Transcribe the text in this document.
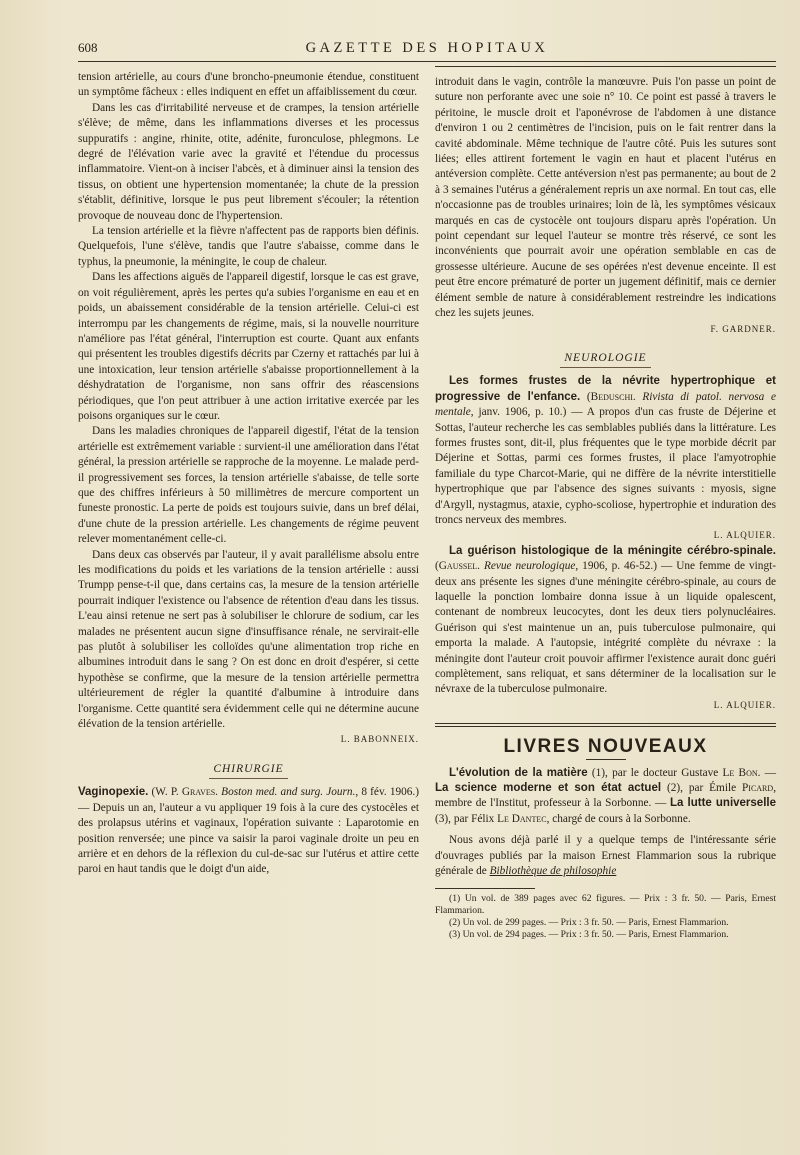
608	GAZETTE DES HOPITAUX

tension artérielle, au cours d'une broncho-pneumonie étendue, constituent un symptôme fâcheux : elles indiquent en effet un affaiblissement du cœur.

Dans les cas d'irritabilité nerveuse et de crampes, la tension artérielle s'élève; de même, dans les inflammations diverses et les processus suppuratifs : angine, rhinite, otite, adénite, furonculose, phlegmons. Le degré de l'élévation varie avec la gravité et l'étendue du processus inflammatoire. Vient-on à inciser l'abcès, et à diminuer ainsi la tension des tissus, on obtient une hypertension momentanée; la chute de la pression s'établit, définitive, lorsque le pus peut librement s'écouler; la rétention provoque de nouveau donc de l'hypertension.

La tension artérielle et la fièvre n'affectent pas de rapports bien définis. Quelquefois, l'une s'élève, tandis que l'autre s'abaisse, comme dans le typhus, la pneumonie, la méningite, le coup de chaleur.

Dans les affections aiguës de l'appareil digestif, lorsque le cas est grave, on voit régulièrement, après les pertes qu'a subies l'organisme en eau et en poids, un abaissement considérable de la tension artérielle. Celui-ci est interrompu par les changements de régime, mais, si la nouvelle nourriture n'améliore pas l'état général, l'interruption est courte. Quant aux enfants qui présentent les troubles digestifs décrits par Czerny et rattachés par lui à une intoxication, leur tension artérielle s'abaisse proportionnellement à la déshydratation de l'organisme, non sans offrir des réascensions périodiques, que l'on peut attribuer à une action irritative exercée par les poisons organiques sur le cœur.

Dans les maladies chroniques de l'appareil digestif, l'état de la tension artérielle est extrêmement variable : survient-il une amélioration dans l'état général, la pression artérielle se rapproche de la moyenne. Le malade perd-il progressivement ses forces, la tension artérielle s'abaisse, de telle sorte que des chiffres inférieurs à 50 millimètres de mercure comportent un funeste pronostic. La perte de poids est toujours suivie, dans un bref délai, d'une chute de la pression artérielle. Les changements de régime peuvent relever momentanément celle-ci.

Dans deux cas observés par l'auteur, il y avait parallélisme absolu entre les modifications du poids et les variations de la tension artérielle : aussi Trumpp pense-t-il que, dans certains cas, la mesure de la tension artérielle pourrait indiquer l'existence ou l'absence de rétention d'eau dans les tissus. L'eau ainsi retenue ne sert pas à solubiliser le chlorure de sodium, car les malades ne présentent aucun signe d'insuffisance rénale, ne servirait-elle pas plutôt à solubiliser les colloïdes qu'une alimentation trop riche en albumines introduit dans le sang ? On est donc en droit d'espérer, si cette hypothèse se confirme, que la mesure de la tension artérielle permettra ultérieurement de régler la quantité d'albumine à introduire dans l'organisme. Cette quantité sera évidemment celle qui ne détermine aucune élévation de la tension artérielle.

L. BABONNEIX.

CHIRURGIE

Vaginopexie. (W. P. Graves. Boston med. and surg. Journ., 8 fév. 1906.) — Depuis un an, l'auteur a vu appliquer 19 fois à la cure des cystocèles et des prolapsus utérins et vaginaux, l'opération suivante : Laparotomie en position renversée; une pince va saisir la paroi vaginale droite un peu en arrière et en dehors de la réflexion du cul-de-sac sur l'utérus et attire cette paroi en haut tandis que le doigt d'un aide,

introduit dans le vagin, contrôle la manœuvre. Puis l'on passe un point de suture non perforante avec une soie n° 10. Ce point est passé à travers le péritoine, le muscle droit et l'aponévrose de l'abdomen à une distance d'environ 1 ou 2 centimètres de l'incision, puis on le fait rentrer dans la cavité abdominale. Même technique de l'autre côté. Puis les sutures sont liées; elles attirent fortement le vagin en haut et placent l'utérus en antéversion complète. Cette antéversion n'est pas permanente; au bout de 2 à 3 semaines l'utérus a généralement repris un axe normal. En tout cas, elle n'occasionne pas de troubles urinaires; loin de là, les symptômes vésicaux marqués en cas de cystocèle ont toujours disparu après l'opération. Un point cependant sur lequel l'auteur se montre très réservé, ce sont les inconvénients que pourrait avoir une opération semblable en cas de grossesse ultérieure. Aucune de ses opérées n'est devenue enceinte. Il est peut être encore prématuré de porter un jugement définitif, mais ce dernier élément semble de nature à considérablement restreindre les indications chez les sujets jeunes.

F. GARDNER.

NEUROLOGIE

Les formes frustes de la névrite hypertrophique et progressive de l'enfance. (Beduschi. Rivista di patol. nervosa e mentale, janv. 1906, p. 10.) — A propos d'un cas fruste de Déjerine et Sottas, l'auteur recherche les cas semblables publiés dans la littérature. Les formes frustes sont, dit-il, plus fréquentes que le type morbide décrit par Déjerine et Sottas, parmi ces formes frustes, il place l'amyotrophie familiale du type Charcot-Marie, qui ne diffère de la névrite interstitielle hypertrophique que par l'absence des signes suivants : myosis, signe d'Argyll, nystagmus, ataxie, cypho-scoliose, hypertrophie et induration des troncs nerveux des membres.

L. ALQUIER.

La guérison histologique de la méningite cérébro-spinale. (Gaussel. Revue neurologique, 1906, p. 46-52.) — Une femme de vingt-deux ans présente les signes d'une méningite cérébro-spinale, au cours de laquelle la ponction lombaire donna issue à un liquide opalescent, contenant de nombreux leucocytes, dont les deux tiers polynucléaires. Guérison qui s'est maintenue un an, puis tuberculose pulmonaire, qui emporta la malade. A l'autopsie, intégrité complète du névraxe : la méningite dont l'auteur croit pouvoir affirmer l'existence aurait donc guéri complètement, sans reliquat, et sans déterminer de la localisation sur le névraxe de la tuberculose pulmonaire.

L. ALQUIER.

LIVRES NOUVEAUX

L'évolution de la matière (1), par le docteur Gustave Le Bon. — La science moderne et son état actuel (2), par Émile Picard, membre de l'Institut, professeur à la Sorbonne. — La lutte universelle (3), par Félix Le Dantec, chargé de cours à la Sorbonne.

Nous avons déjà parlé il y a quelque temps de l'intéressante série d'ouvrages publiés par la maison Ernest Flammarion sous la rubrique générale de Bibliothèque de philosophie

(1) Un vol. de 389 pages avec 62 figures. — Prix : 3 fr. 50. — Paris, Ernest Flammarion.

(2) Un vol. de 299 pages. — Prix : 3 fr. 50. — Paris, Ernest Flammarion.

(3) Un vol. de 294 pages. — Prix : 3 fr. 50. — Paris, Ernest Flammarion.
